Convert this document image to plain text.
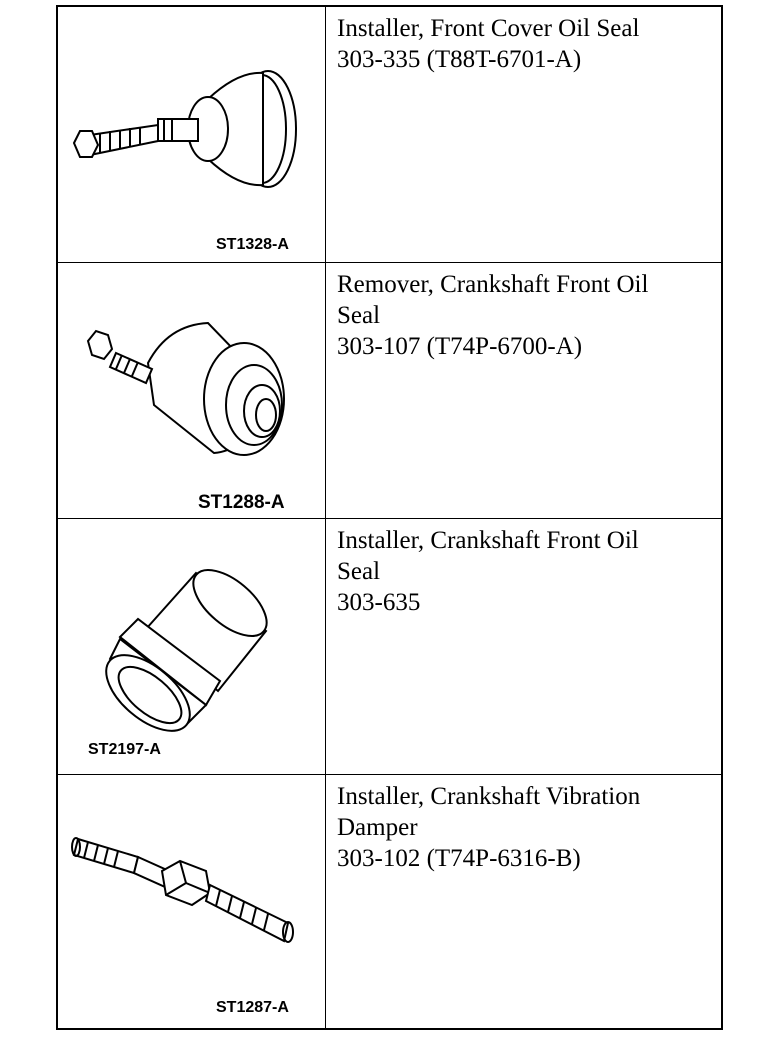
ST1328-A
Installer, Front Cover Oil Seal
303-335 (T88T-6701-A)
ST1288-A
Remover, Crankshaft Front Oil
Seal
303-107 (T74P-6700-A)
ST2197-A
Installer, Crankshaft Front Oil
Seal
303-635
ST1287-A
Installer, Crankshaft Vibration
Damper
303-102 (T74P-6316-B)
